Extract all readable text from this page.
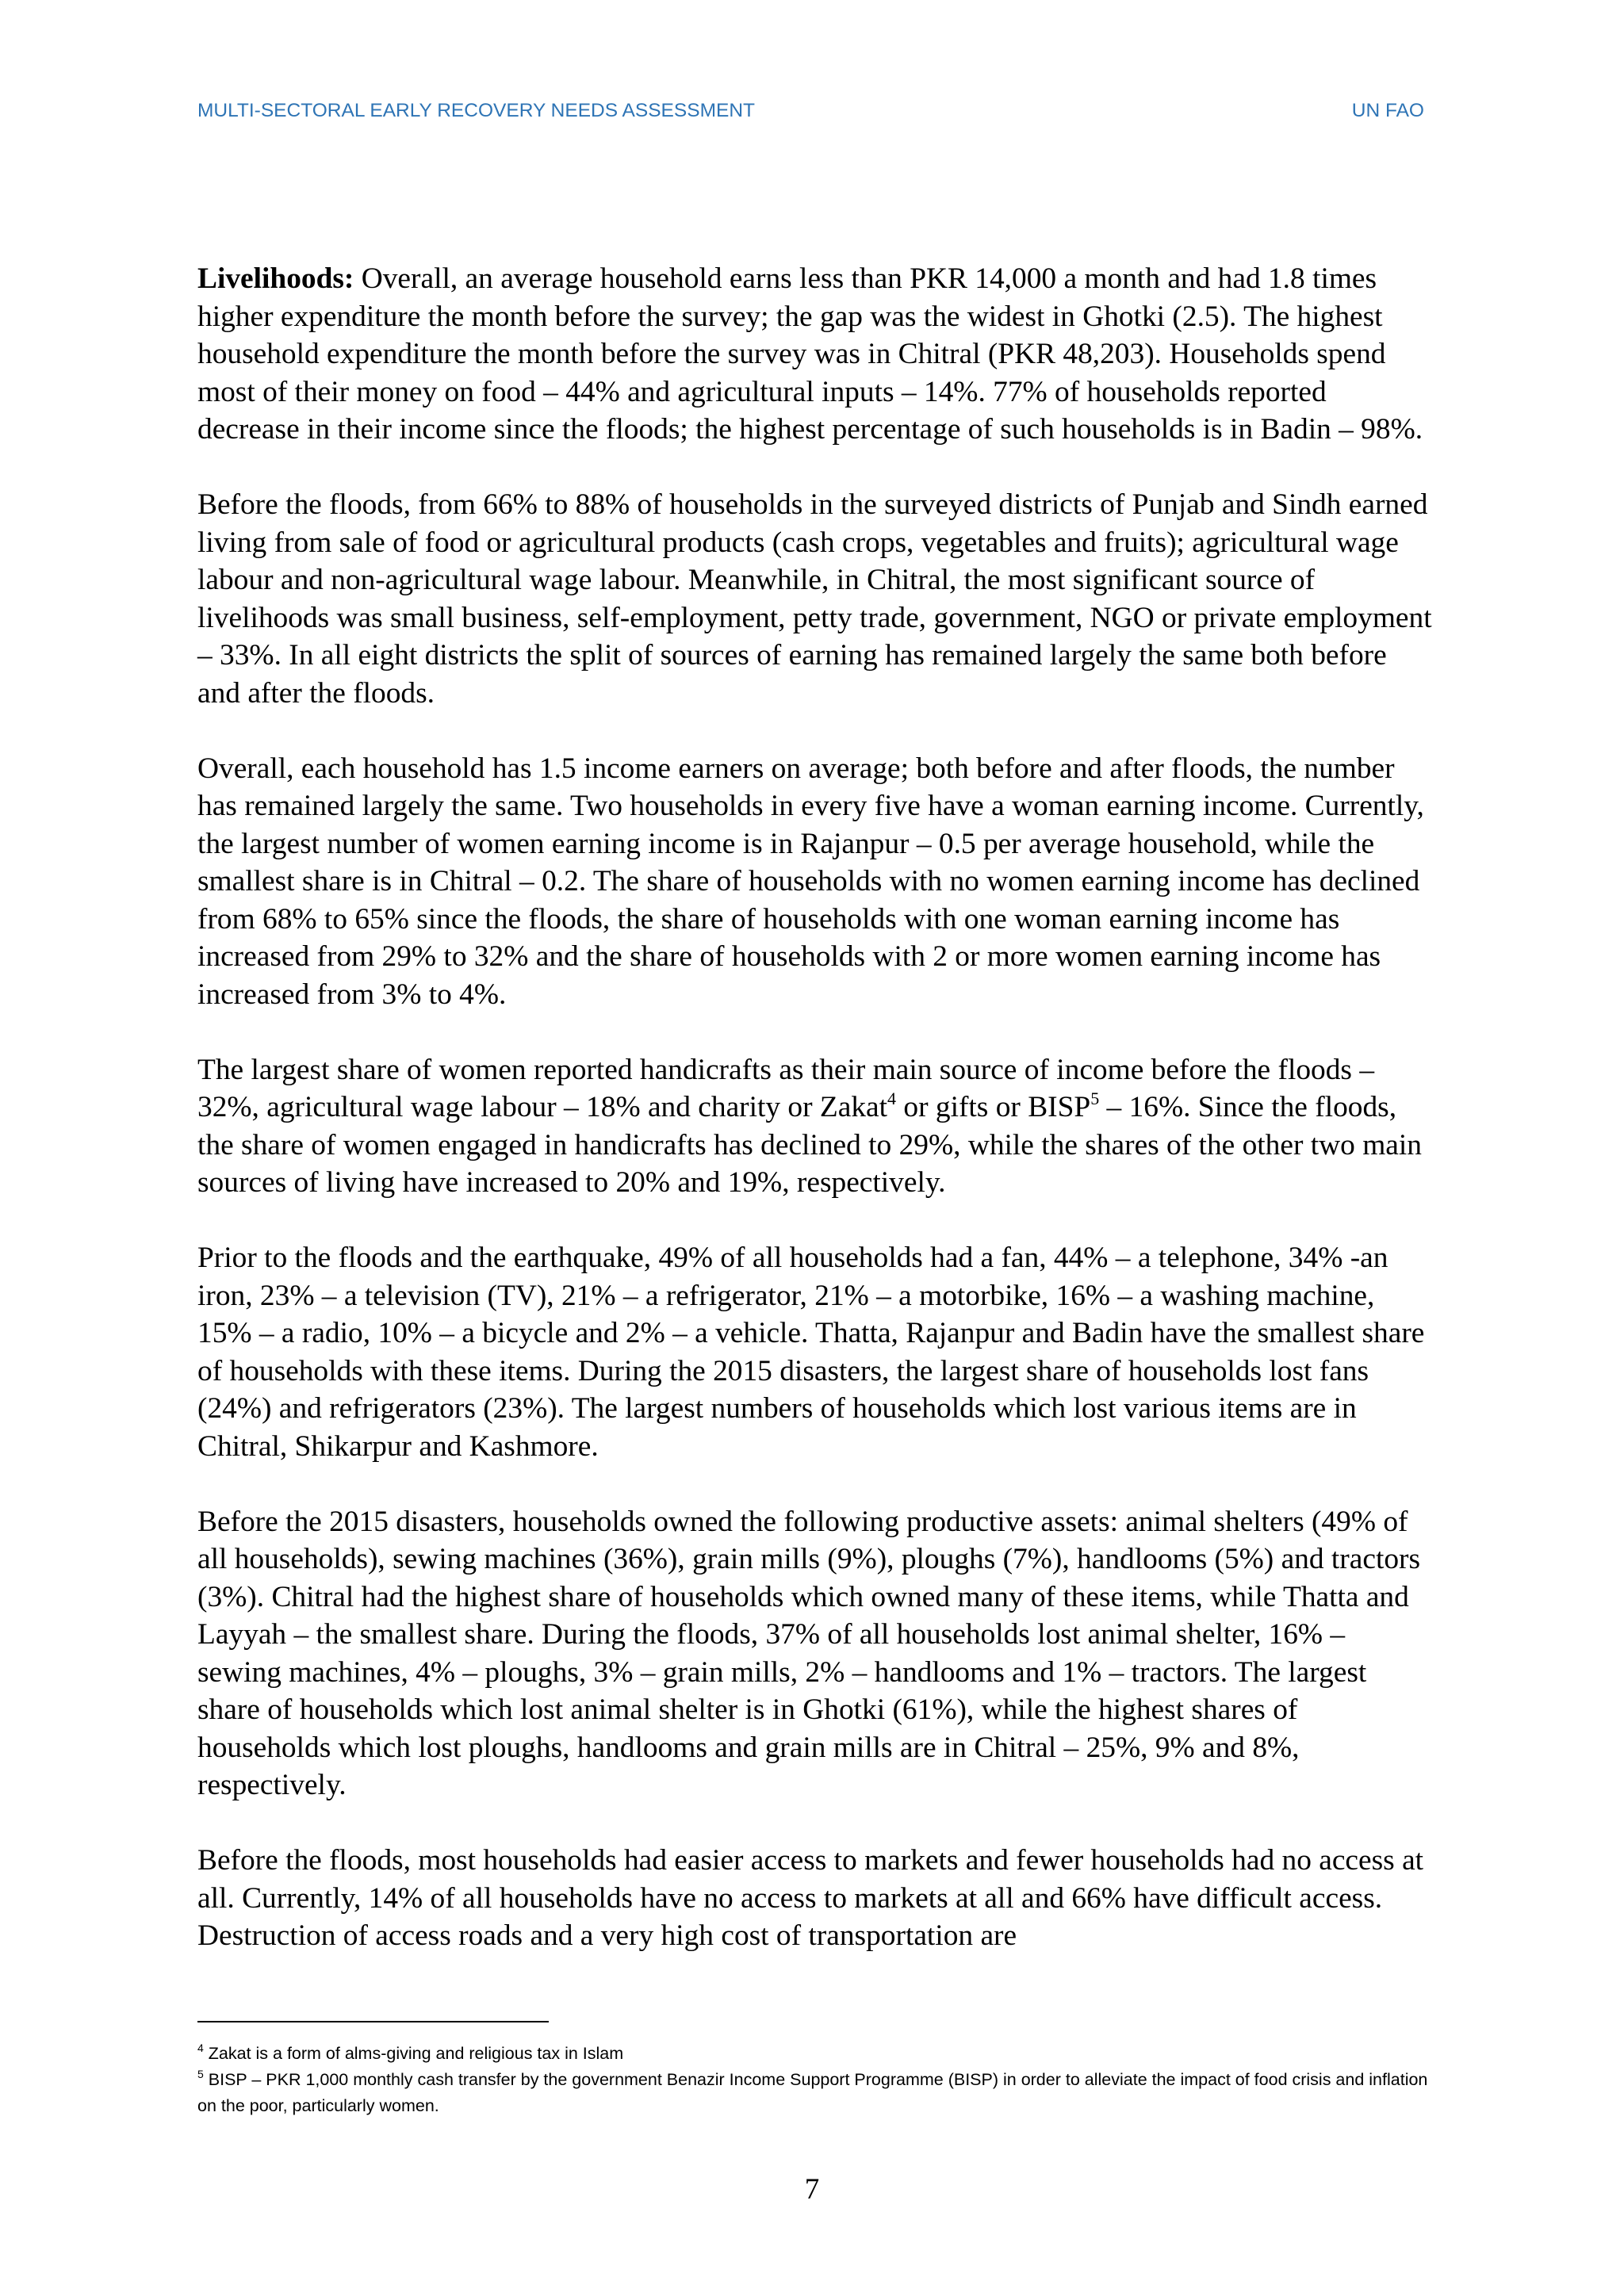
MULTI-SECTORAL EARLY RECOVERY NEEDS ASSESSMENT	UN FAO

Livelihoods: Overall, an average household earns less than PKR 14,000 a month and had 1.8 times higher expenditure the month before the survey; the gap was the widest in Ghotki (2.5). The highest household expenditure the month before the survey was in Chitral (PKR 48,203). Households spend most of their money on food – 44% and agricultural inputs – 14%. 77% of households reported decrease in their income since the floods; the highest percentage of such households is in Badin – 98%.

Before the floods, from 66% to 88% of households in the surveyed districts of Punjab and Sindh earned living from sale of food or agricultural products (cash crops, vegetables and fruits); agricultural wage labour and non-agricultural wage labour. Meanwhile, in Chitral, the most significant source of livelihoods was small business, self-employment, petty trade, government, NGO or private employment – 33%. In all eight districts the split of sources of earning has remained largely the same both before and after the floods.

Overall, each household has 1.5 income earners on average; both before and after floods, the number has remained largely the same. Two households in every five have a woman earning income. Currently, the largest number of women earning income is in Rajanpur – 0.5 per average household, while the smallest share is in Chitral – 0.2. The share of households with no women earning income has declined from 68% to 65% since the floods, the share of households with one woman earning income has increased from 29% to 32% and the share of households with 2 or more women earning income has increased from 3% to 4%.

The largest share of women reported handicrafts as their main source of income before the floods – 32%, agricultural wage labour – 18% and charity or Zakat$^4$ or gifts or BISP$^5$ – 16%. Since the floods, the share of women engaged in handicrafts has declined to 29%, while the shares of the other two main sources of living have increased to 20% and 19%, respectively.

Prior to the floods and the earthquake, 49% of all households had a fan, 44% – a telephone, 34% -an iron, 23% – a television (TV), 21% – a refrigerator, 21% – a motorbike, 16% – a washing machine, 15% – a radio, 10% – a bicycle and 2% – a vehicle. Thatta, Rajanpur and Badin have the smallest share of households with these items. During the 2015 disasters, the largest share of households lost fans (24%) and refrigerators (23%). The largest numbers of households which lost various items are in Chitral, Shikarpur and Kashmore.

Before the 2015 disasters, households owned the following productive assets: animal shelters (49% of all households), sewing machines (36%), grain mills (9%), ploughs (7%), handlooms (5%) and tractors (3%). Chitral had the highest share of households which owned many of these items, while Thatta and Layyah – the smallest share. During the floods, 37% of all households lost animal shelter, 16% – sewing machines, 4% – ploughs, 3% – grain mills, 2% – handlooms and 1% – tractors. The largest share of households which lost animal shelter is in Ghotki (61%), while the highest shares of households which lost ploughs, handlooms and grain mills are in Chitral – 25%, 9% and 8%, respectively.

Before the floods, most households had easier access to markets and fewer households had no access at all. Currently, 14% of all households have no access to markets at all and 66% have difficult access. Destruction of access roads and a very high cost of transportation are

$^4$ Zakat is a form of alms-giving and religious tax in Islam

$^5$ BISP – PKR 1,000 monthly cash transfer by the government Benazir Income Support Programme (BISP) in order to alleviate the impact of food crisis and inflation on the poor, particularly women.

7
